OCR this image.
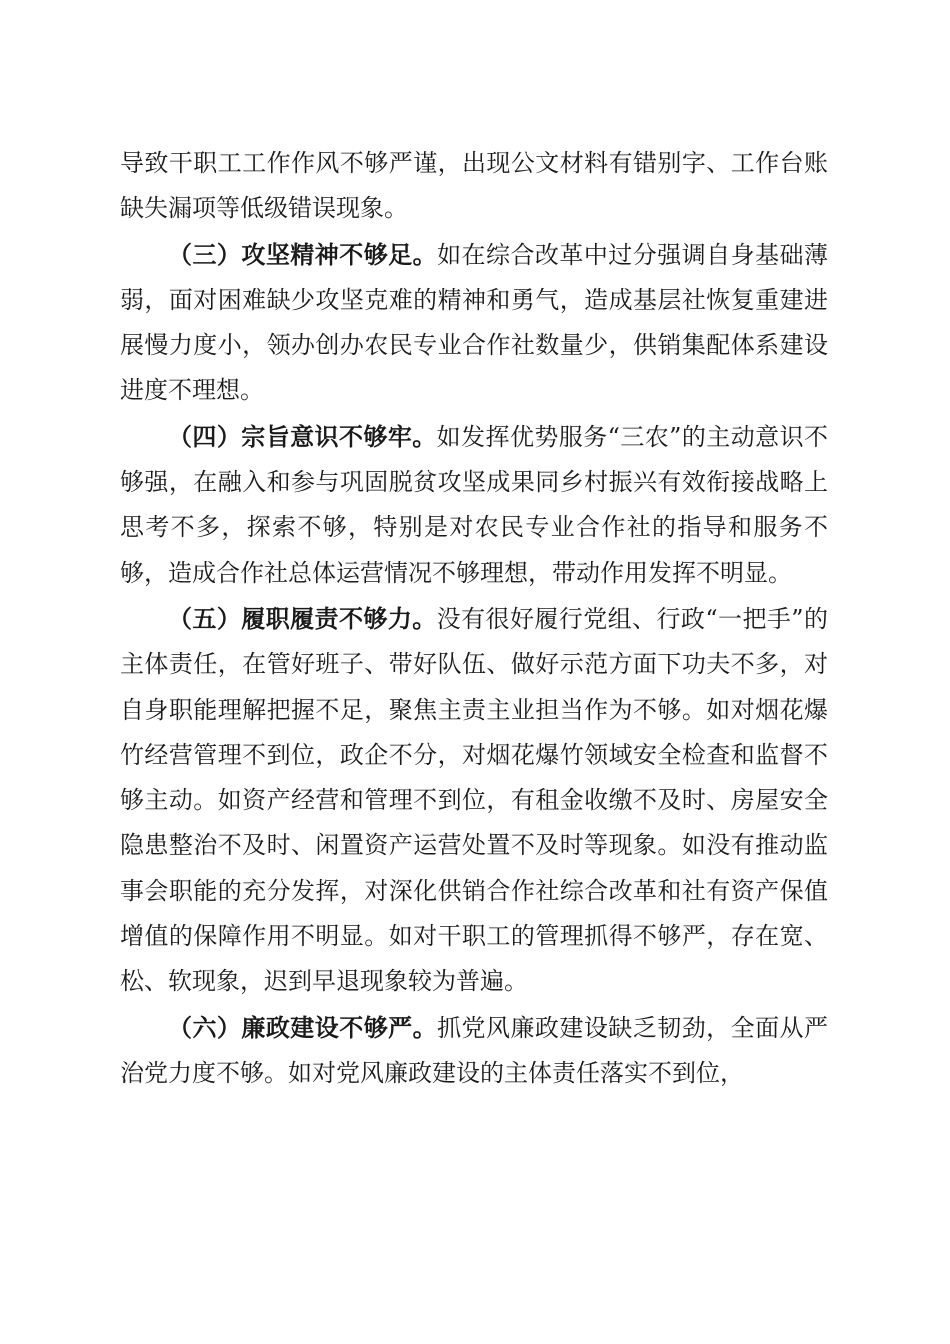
导致干职工工作作风不够严谨，出现公文材料有错别字、工作台账缺失漏项等低级错误现象。

（三）攻坚精神不够足。如在综合改革中过分强调自身基础薄弱，面对困难缺少攻坚克难的精神和勇气，造成基层社恢复重建进展慢力度小，领办创办农民专业合作社数量少，供销集配体系建设进度不理想。

（四）宗旨意识不够牢。如发挥优势服务“三农”的主动意识不够强，在融入和参与巩固脱贫攻坚成果同乡村振兴有效衔接战略上思考不多，探索不够，特别是对农民专业合作社的指导和服务不够，造成合作社总体运营情况不够理想，带动作用发挥不明显。

（五）履职履责不够力。没有很好履行党组、行政“一把手”的主体责任，在管好班子、带好队伍、做好示范方面下功夫不多，对自身职能理解把握不足，聚焦主责主业担当作为不够。如对烟花爆竹经营管理不到位，政企不分，对烟花爆竹领域安全检查和监督不够主动。如资产经营和管理不到位，有租金收缴不及时、房屋安全隐患整治不及时、闲置资产运营处置不及时等现象。如没有推动监事会职能的充分发挥，对深化供销合作社综合改革和社有资产保值增值的保障作用不明显。如对干职工的管理抓得不够严，存在宽、松、软现象，迟到早退现象较为普遍。

（六）廉政建设不够严。抓党风廉政建设缺乏韧劲，全面从严治党力度不够。如对党风廉政建设的主体责任落实不到位，
